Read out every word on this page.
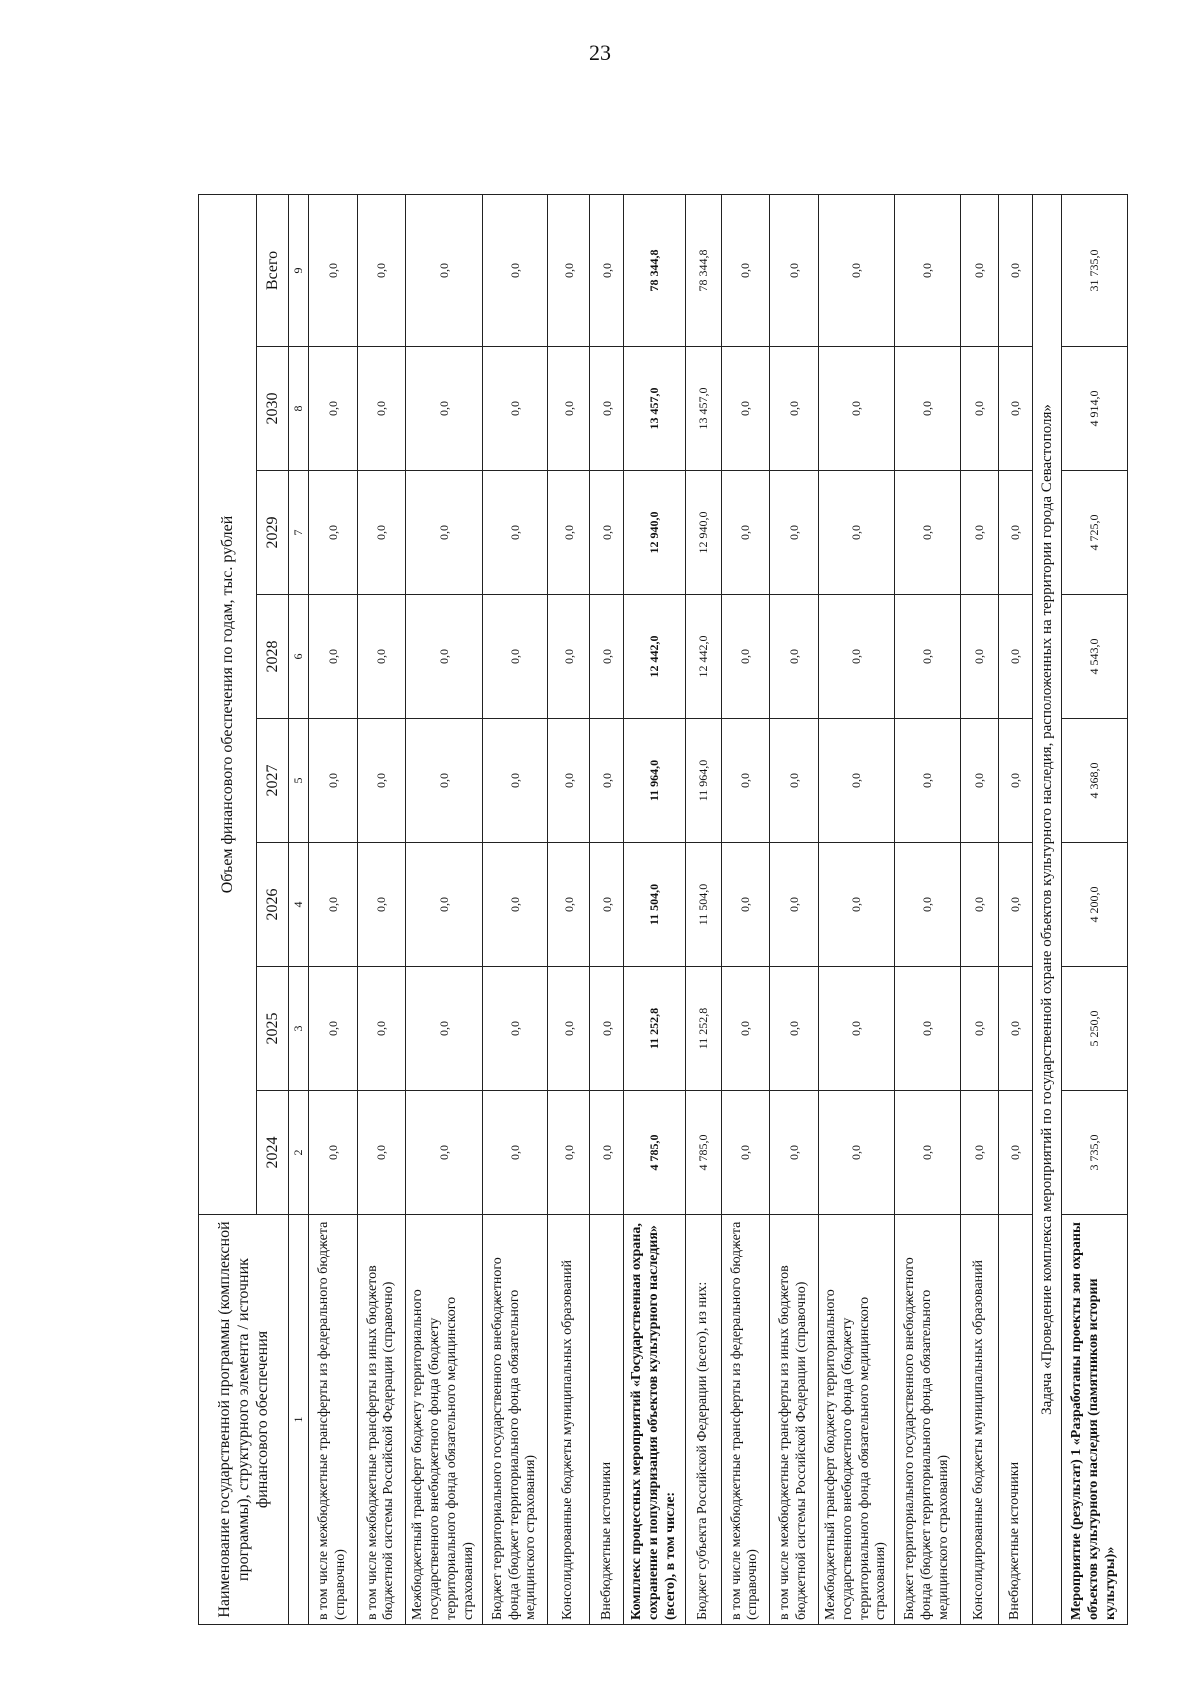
23
Наименование государственной программы (комплексной программы), структурного элемента / источник финансового обеспечения	Объем финансового обеспечения по годам, тыс. рублей							
	2024	2025	2026	2027	2028	2029	2030	Всего
1	2	3	4	5	6	7	8	9
в том числе межбюджетные трансферты из федерального бюджета (справочно)	0,0	0,0	0,0	0,0	0,0	0,0	0,0	0,0
в том числе межбюджетные трансферты из иных бюджетов бюджетной системы Российской Федерации (справочно)	0,0	0,0	0,0	0,0	0,0	0,0	0,0	0,0
Межбюджетный трансферт бюджету территориального государственного внебюджетного фонда (бюджету территориального фонда обязательного медицинского страхования)	0,0	0,0	0,0	0,0	0,0	0,0	0,0	0,0
Бюджет территориального государственного внебюджетного фонда (бюджет территориального фонда обязательного медицинского страхования)	0,0	0,0	0,0	0,0	0,0	0,0	0,0	0,0
Консолидированные бюджеты муниципальных образований	0,0	0,0	0,0	0,0	0,0	0,0	0,0	0,0
Внебюджетные источники	0,0	0,0	0,0	0,0	0,0	0,0	0,0	0,0
Комплекс процессных мероприятий «Государственная охрана, сохранение и популяризация объектов культурного наследия» (всего), в том числе:	4 785,0	11 252,8	11 504,0	11 964,0	12 442,0	12 940,0	13 457,0	78 344,8
Бюджет субъекта Российской Федерации (всего), из них:	4 785,0	11 252,8	11 504,0	11 964,0	12 442,0	12 940,0	13 457,0	78 344,8
в том числе межбюджетные трансферты из федерального бюджета (справочно)	0,0	0,0	0,0	0,0	0,0	0,0	0,0	0,0
в том числе межбюджетные трансферты из иных бюджетов бюджетной системы Российской Федерации (справочно)	0,0	0,0	0,0	0,0	0,0	0,0	0,0	0,0
Межбюджетный трансферт бюджету территориального государственного внебюджетного фонда (бюджету территориального фонда обязательного медицинского страхования)	0,0	0,0	0,0	0,0	0,0	0,0	0,0	0,0
Бюджет территориального государственного внебюджетного фонда (бюджет территориального фонда обязательного медицинского страхования)	0,0	0,0	0,0	0,0	0,0	0,0	0,0	0,0
Консолидированные бюджеты муниципальных образований	0,0	0,0	0,0	0,0	0,0	0,0	0,0	0,0
Внебюджетные источники	0,0	0,0	0,0	0,0	0,0	0,0	0,0	0,0
Задача «Проведение комплекса мероприятий по государственной охране объектов культурного наследия, расположенных на территории города Севастополя»								
Мероприятие (результат) 1 «Разработаны проекты зон охраны объектов культурного наследия (памятников истории культуры)»	3 735,0	5 250,0	4 200,0	4 368,0	4 543,0	4 725,0	4 914,0	31 735,0
